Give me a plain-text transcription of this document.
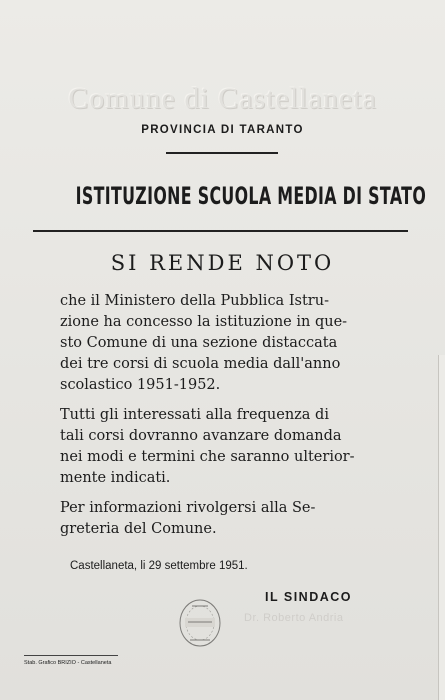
Comune di Castellaneta
PROVINCIA DI TARANTO
ISTITUZIONE SCUOLA MEDIA DI STATO
SI RENDE NOTO
che il Ministero della Pubblica Istru-
zione ha concesso la istituzione in que-
sto Comune di una sezione distaccata
dei tre corsi di scuola media dall'anno
scolastico 1951-1952.
Tutti gli interessati alla frequenza di
tali corsi dovranno avanzare domanda
nei modi e termini che saranno ulterior-
mente indicati.
Per informazioni rivolgersi alla Se-
greteria del Comune.
Castellaneta, li 29 settembre 1951.
IL SINDACO
Dr. Roberto Andria
Stab. Grafico BRIZIO - Castellaneta
